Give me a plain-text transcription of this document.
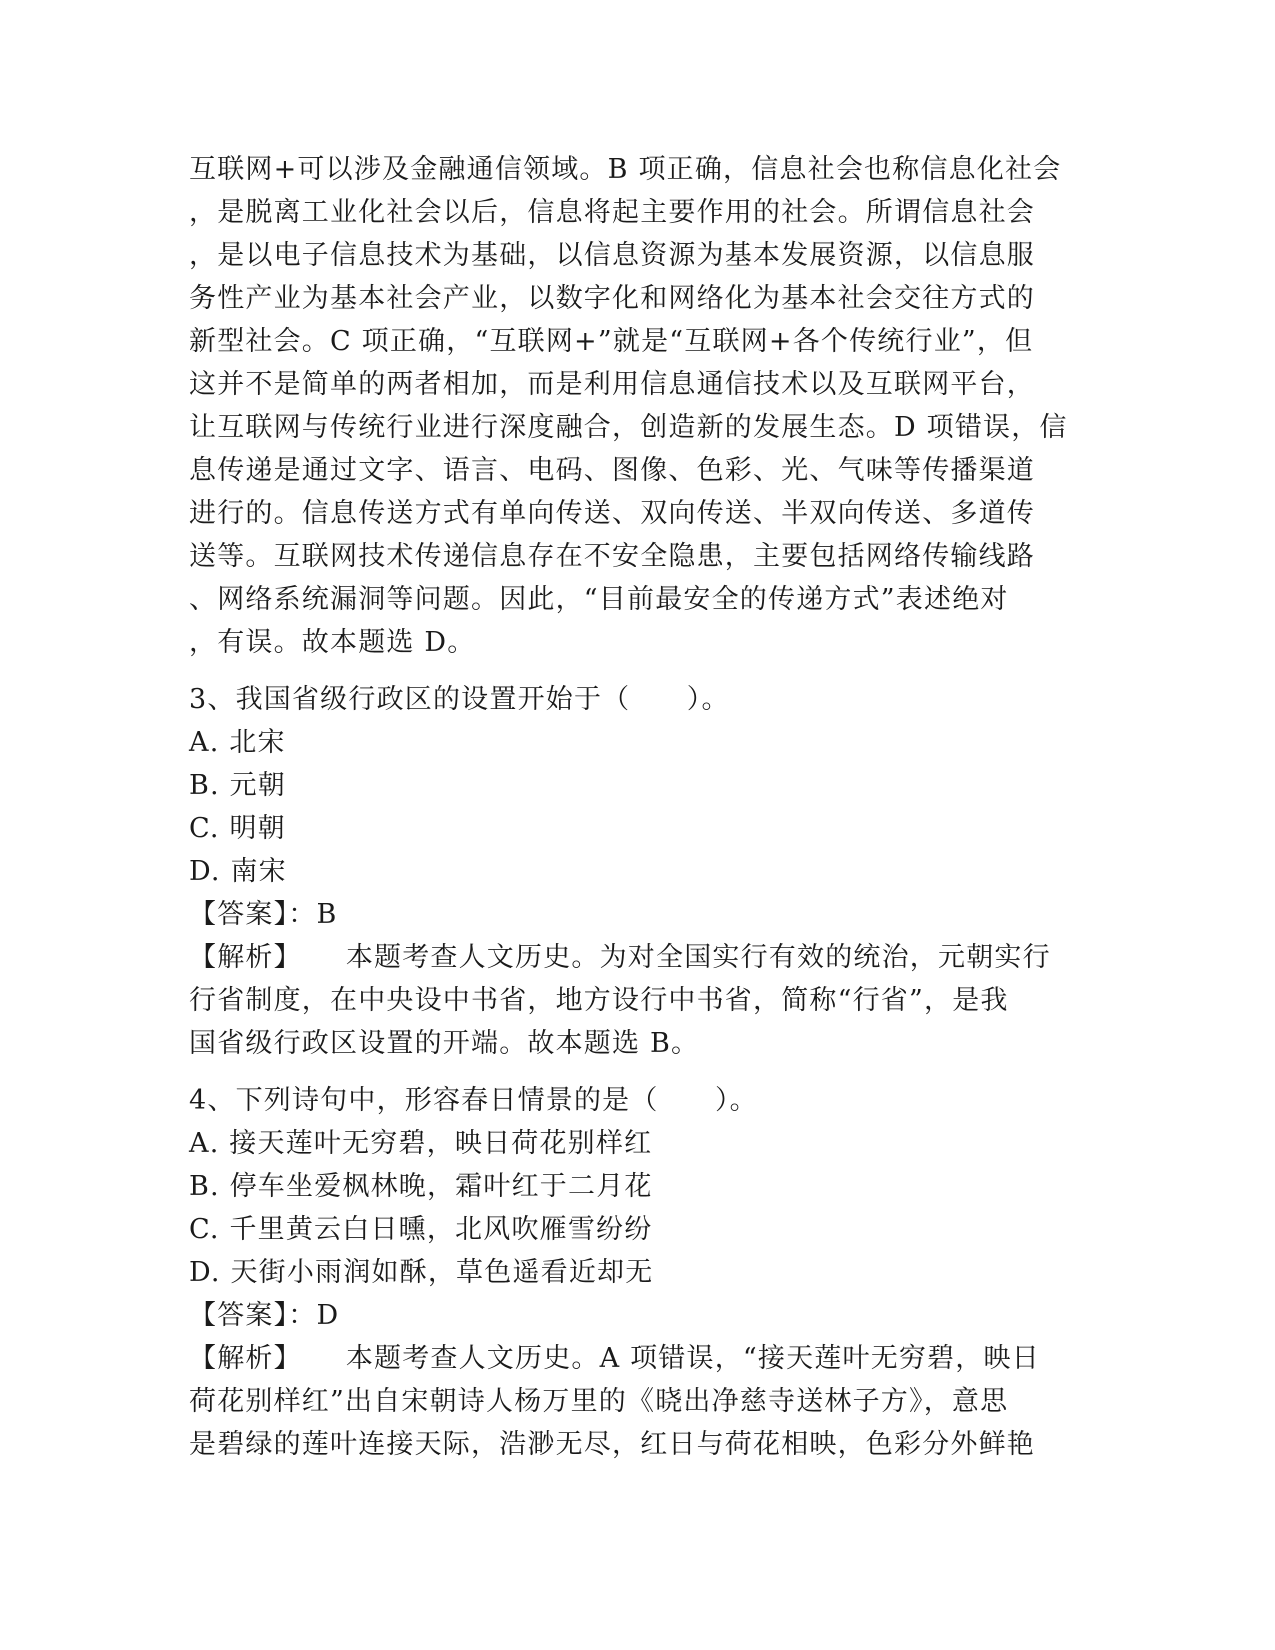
互联网+可以涉及金融通信领域。B 项正确，信息社会也称信息化社会
，是脱离工业化社会以后，信息将起主要作用的社会。所谓信息社会
，是以电子信息技术为基础，以信息资源为基本发展资源，以信息服
务性产业为基本社会产业，以数字化和网络化为基本社会交往方式的
新型社会。C 项正确，“互联网+”就是“互联网+各个传统行业”，但
这并不是简单的两者相加，而是利用信息通信技术以及互联网平台，
让互联网与传统行业进行深度融合，创造新的发展生态。D 项错误，信
息传递是通过文字、语言、电码、图像、色彩、光、气味等传播渠道
进行的。信息传送方式有单向传送、双向传送、半双向传送、多道传
送等。互联网技术传递信息存在不安全隐患，主要包括网络传输线路
、网络系统漏洞等问题。因此，“目前最安全的传递方式”表述绝对
，有误。故本题选 D。
3、我国省级行政区的设置开始于（　　）。
A. 北宋
B. 元朝
C. 明朝
D. 南宋
【答案】：B
【解析】 本题考查人文历史。为对全国实行有效的统治，元朝实行
行省制度，在中央设中书省，地方设行中书省，简称“行省”，是我
国省级行政区设置的开端。故本题选 B。
4、下列诗句中，形容春日情景的是（　　）。
A. 接天莲叶无穷碧，映日荷花别样红
B. 停车坐爱枫林晚，霜叶红于二月花
C. 千里黄云白日曛，北风吹雁雪纷纷
D. 天街小雨润如酥，草色遥看近却无
【答案】：D
【解析】 本题考查人文历史。A 项错误，“接天莲叶无穷碧，映日
荷花别样红”出自宋朝诗人杨万里的《晓出净慈寺送林子方》，意思
是碧绿的莲叶连接天际，浩渺无尽，红日与荷花相映，色彩分外鲜艳
